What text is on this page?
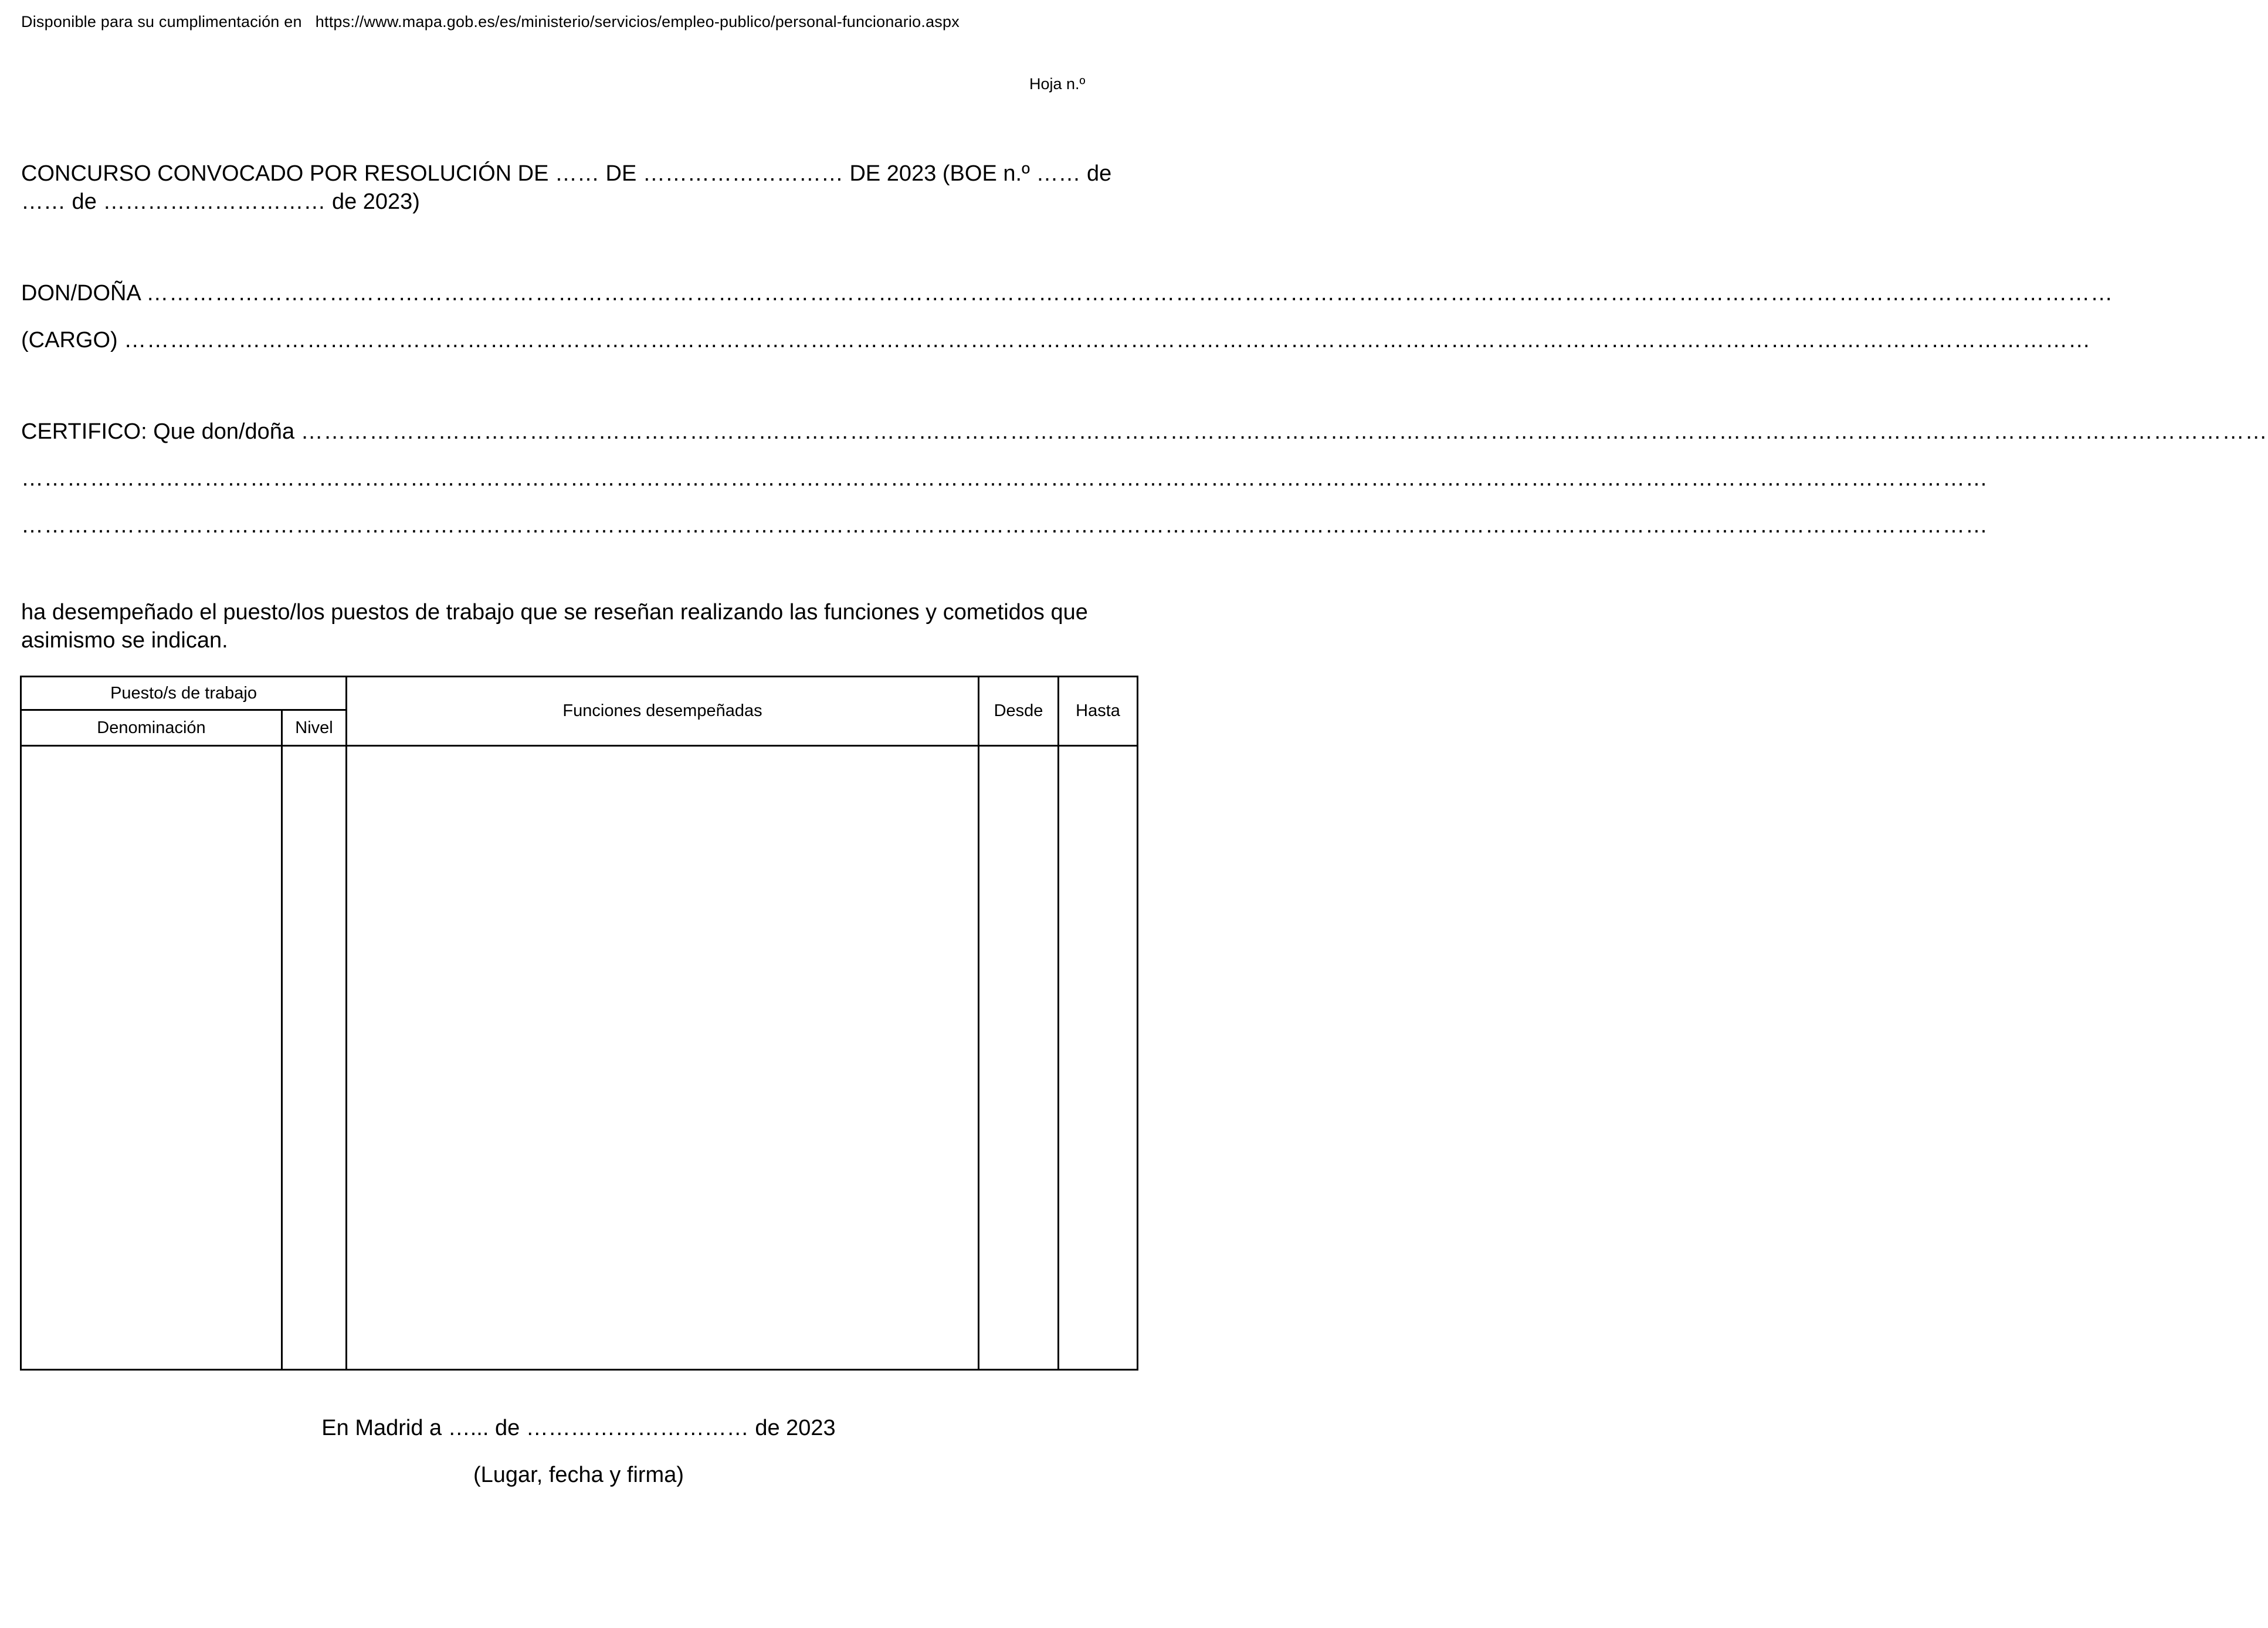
Disponible para su cumplimentación en https://www.mapa.gob.es/es/ministerio/servicios/empleo-publico/personal-funcionario.aspx
Hoja n.º
CONCURSO CONVOCADO POR RESOLUCIÓN DE …… DE ……………………… DE 2023 (BOE n.º …… de …… de ………………………… de 2023)
DON/DOÑA ……………………………………………………………………………………………………………………………………………………………………………………………………………………………………
(CARGO) ……………………………………………………………………………………………………………………………………………………………………………………………………………………………………
CERTIFICO: Que don/doña ……………………………………………………………………………………………………………………………………………………………………………………………………………………………………
……………………………………………………………………………………………………………………………………………………………………………………………………………………………………
……………………………………………………………………………………………………………………………………………………………………………………………………………………………………
ha desempeñado el puesto/los puestos de trabajo que se reseñan realizando las funciones y cometidos que asimismo se indican.
Puesto/s de trabajo		Funciones desempeñadas	Desde	Hasta
Denominación	Nivel			

En Madrid a …... de ………………………… de 2023
(Lugar, fecha y firma)
